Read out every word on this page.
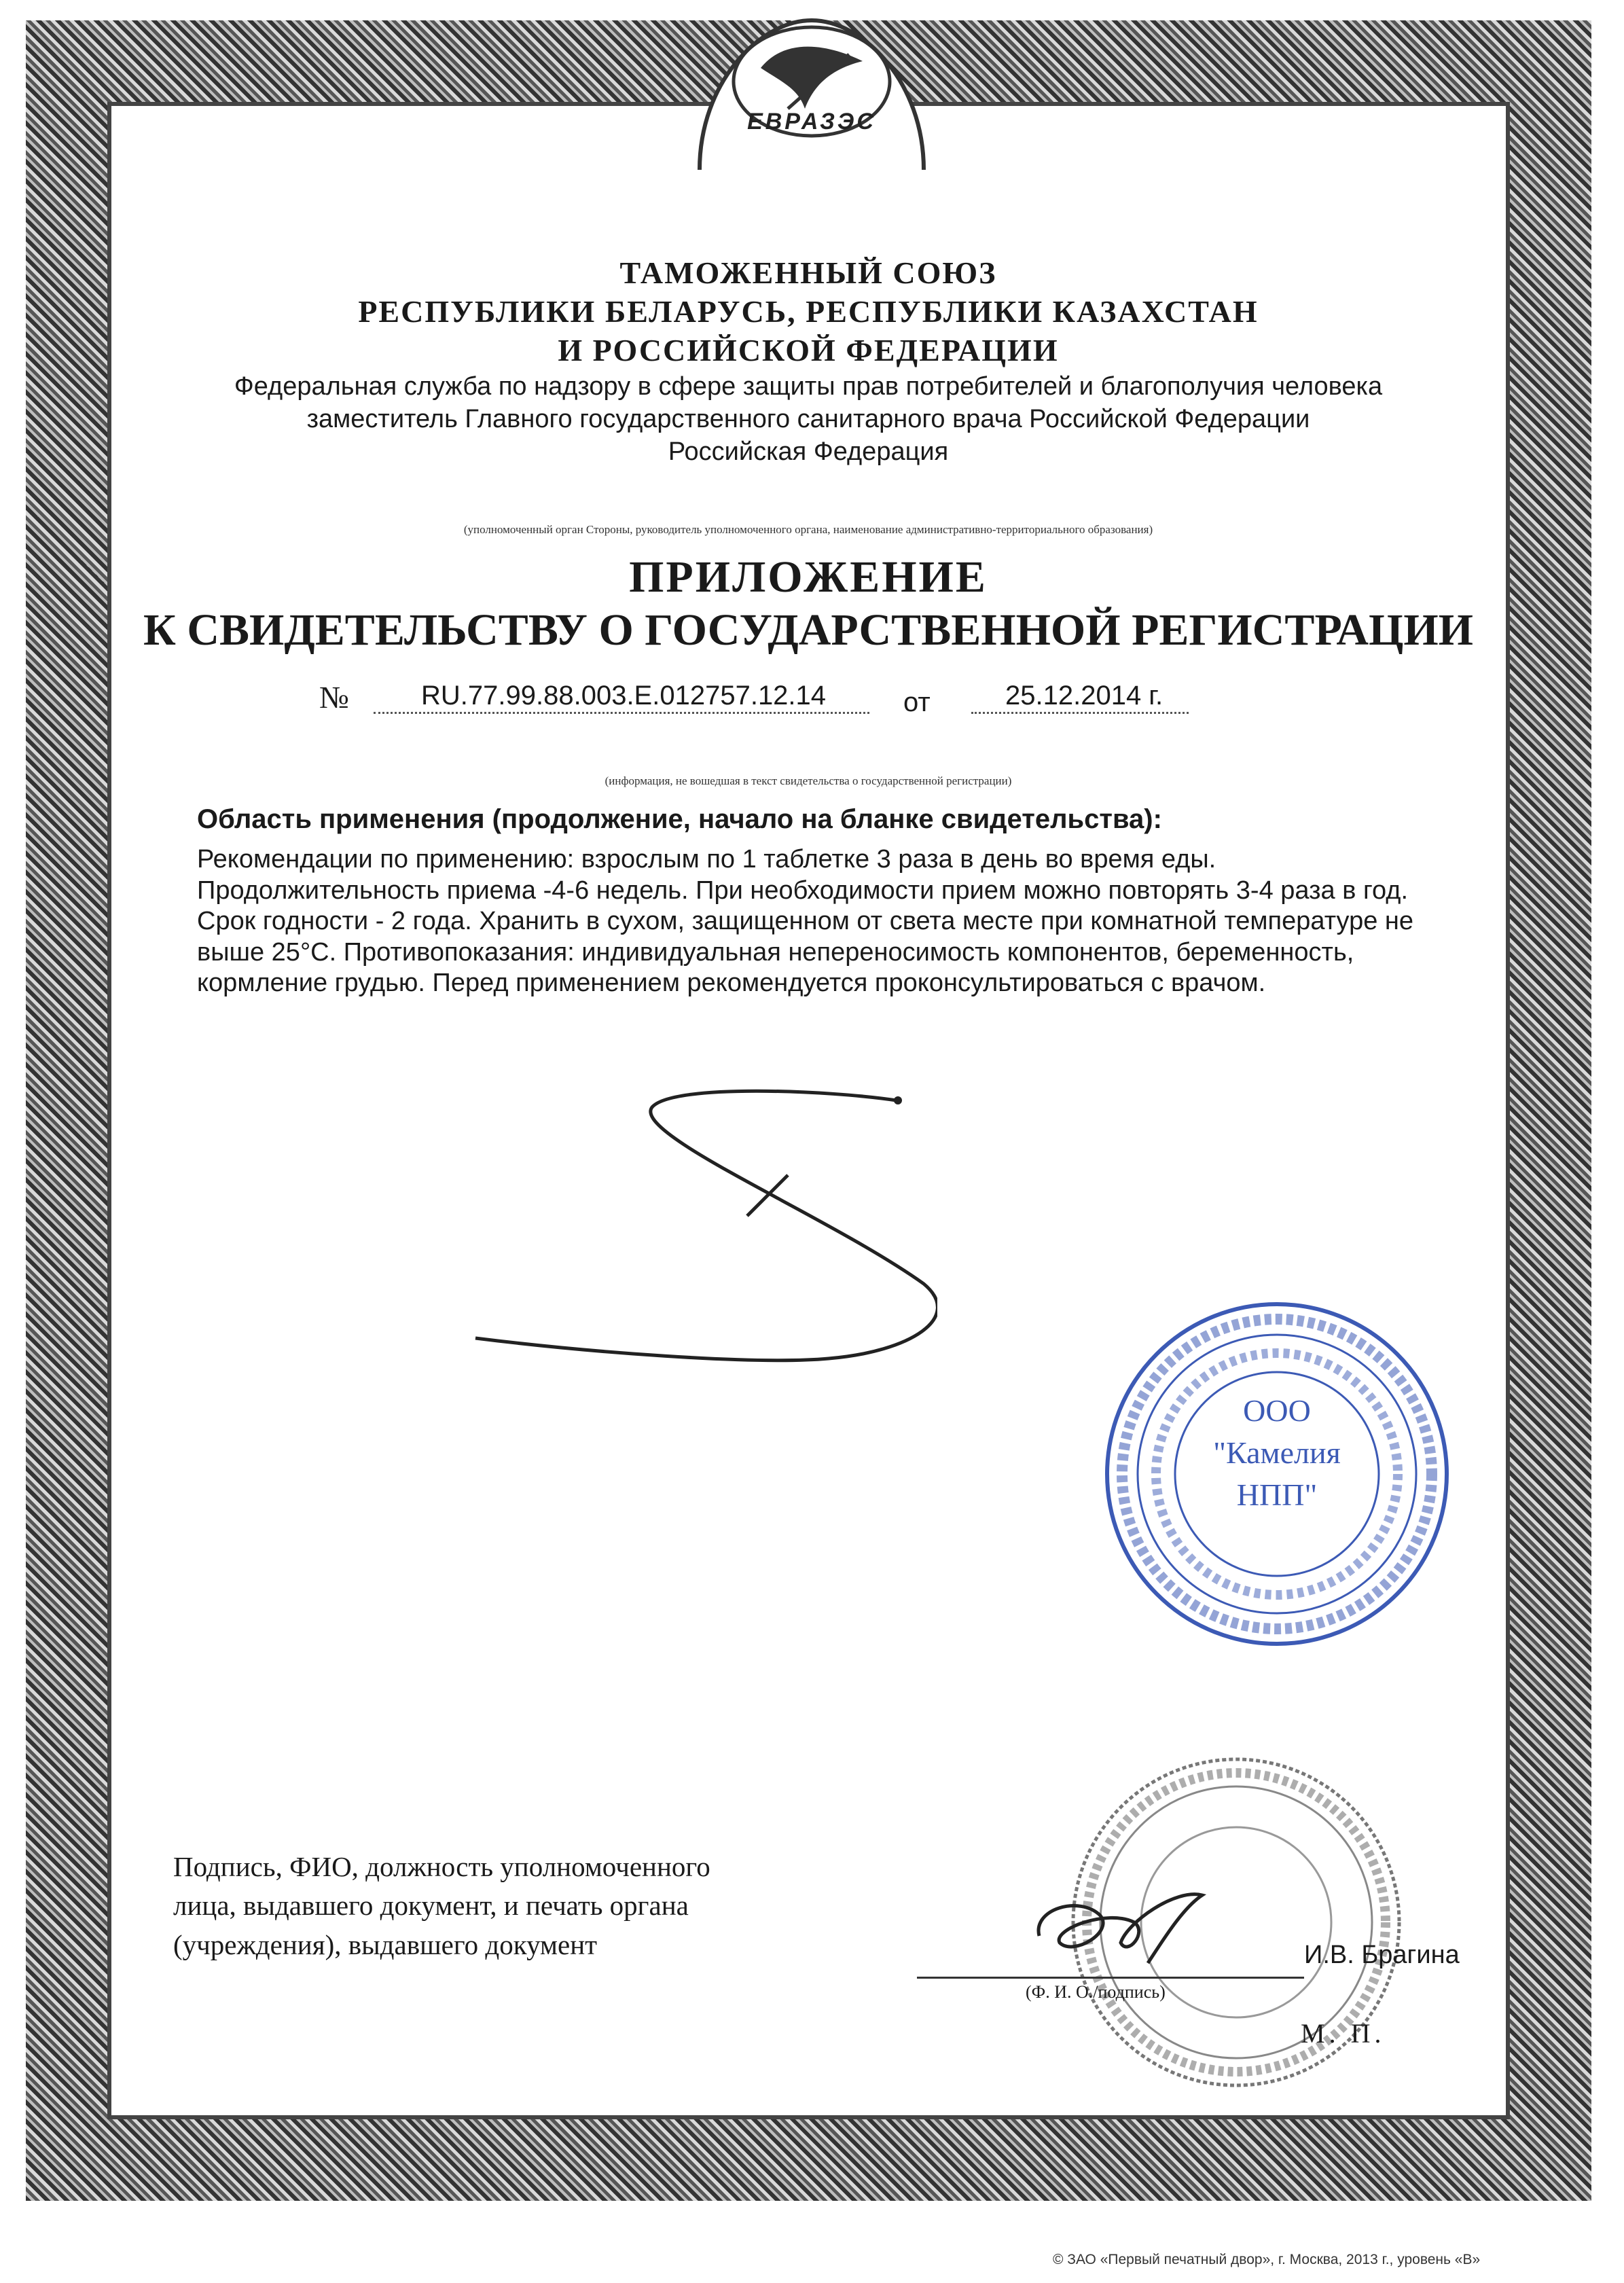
ЕВРАЗЭС
ТАМОЖЕННЫЙ СОЮЗ
РЕСПУБЛИКИ БЕЛАРУСЬ, РЕСПУБЛИКИ КАЗАХСТАН
И РОССИЙСКОЙ ФЕДЕРАЦИИ
Федеральная служба по надзору в сфере защиты прав потребителей и благополучия человека
заместитель Главного государственного санитарного врача Российской Федерации
Российская Федерация
(уполномоченный орган Стороны, руководитель уполномоченного органа, наименование административно-территориального образования)
ПРИЛОЖЕНИЕ
К СВИДЕТЕЛЬСТВУ О ГОСУДАРСТВЕННОЙ РЕГИСТРАЦИИ
№	RU.77.99.88.003.E.012757.12.14	от	25.12.2014 г.
(информация, не вошедшая в текст свидетельства о государственной регистрации)

Область применения (продолжение, начало на бланке свидетельства):

Рекомендации по применению: взрослым по 1 таблетке 3 раза в день во время еды. Продолжительность приема -4-6 недель. При необходимости прием можно повторять 3-4 раза в год. Срок годности - 2 года. Хранить в сухом, защищенном от света месте при комнатной температуре не выше 25°С. Противопоказания: индивидуальная непереносимость компонентов, беременность, кормление грудью. Перед применением рекомендуется проконсультироваться с врачом.

ООО
"Камелия
НПП"
Подпись, ФИО, должность уполномоченного
лица, выдавшего документ, и печать органа
(учреждения), выдавшего документ	И.В. Брагина
(Ф. И. О./подпись)
М. П.
© ЗАО «Первый печатный двор», г. Москва, 2013 г., уровень «В»
